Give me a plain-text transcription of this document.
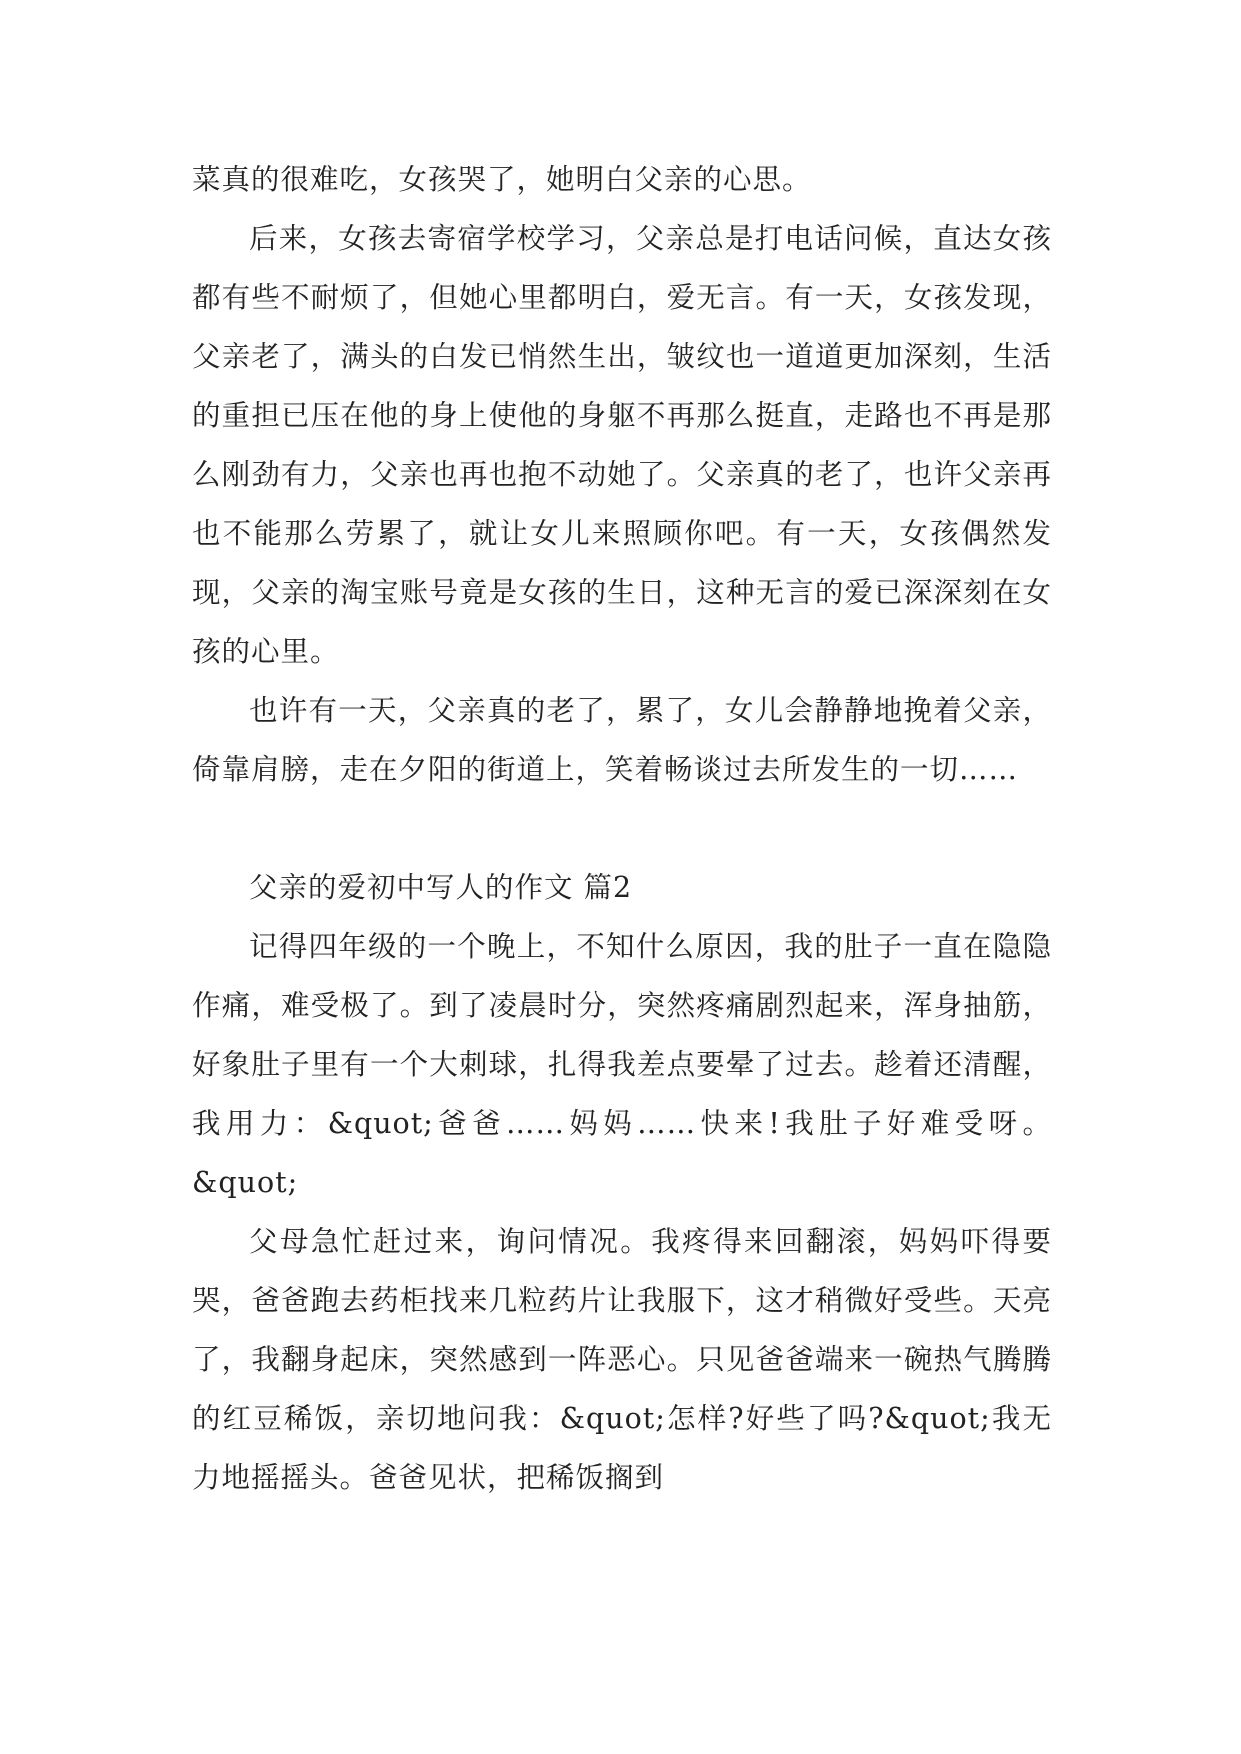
菜真的很难吃，女孩哭了，她明白父亲的心思。

后来，女孩去寄宿学校学习，父亲总是打电话问候，直达女孩都有些不耐烦了，但她心里都明白，爱无言。有一天，女孩发现，父亲老了，满头的白发已悄然生出，皱纹也一道道更加深刻，生活的重担已压在他的身上使他的身躯不再那么挺直，走路也不再是那么刚劲有力，父亲也再也抱不动她了。父亲真的老了，也许父亲再也不能那么劳累了，就让女儿来照顾你吧。有一天，女孩偶然发现，父亲的淘宝账号竟是女孩的生日，这种无言的爱已深深刻在女孩的心里。

也许有一天，父亲真的老了，累了，女儿会静静地挽着父亲，倚靠肩膀，走在夕阳的街道上，笑着畅谈过去所发生的一切……

父亲的爱初中写人的作文 篇2

记得四年级的一个晚上，不知什么原因，我的肚子一直在隐隐作痛，难受极了。到了凌晨时分，突然疼痛剧烈起来，浑身抽筋，好象肚子里有一个大刺球，扎得我差点要晕了过去。趁着还清醒，我用力：&quot;爸爸……妈妈……快来!我肚子好难受呀。&quot;

父母急忙赶过来，询问情况。我疼得来回翻滚，妈妈吓得要哭，爸爸跑去药柜找来几粒药片让我服下，这才稍微好受些。天亮了，我翻身起床，突然感到一阵恶心。只见爸爸端来一碗热气腾腾的红豆稀饭，亲切地问我：&quot;怎样?好些了吗?&quot;我无力地摇摇头。爸爸见状，把稀饭搁到
